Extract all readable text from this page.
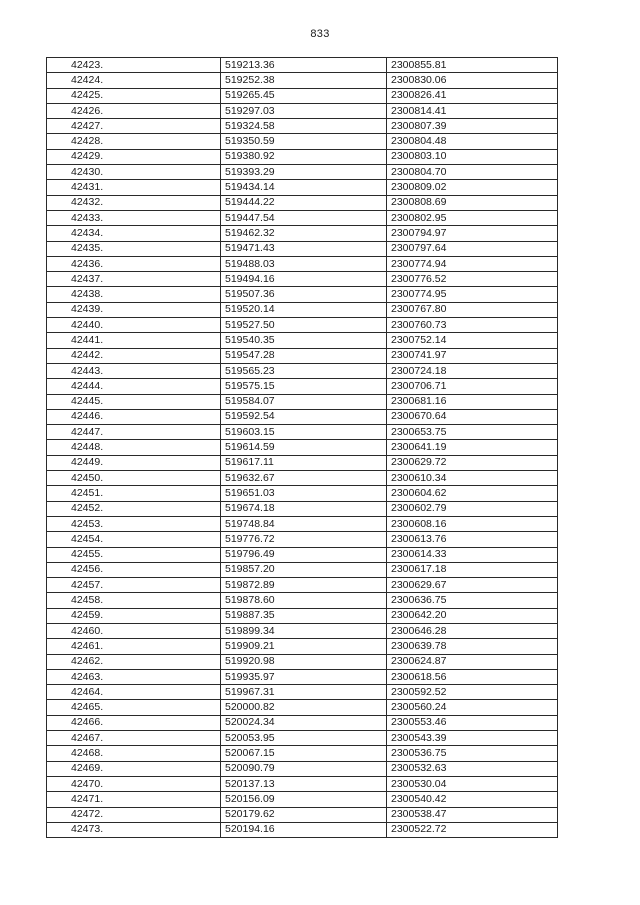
833
42423.	519213.36	2300855.81
42424.	519252.38	2300830.06
42425.	519265.45	2300826.41
42426.	519297.03	2300814.41
42427.	519324.58	2300807.39
42428.	519350.59	2300804.48
42429.	519380.92	2300803.10
42430.	519393.29	2300804.70
42431.	519434.14	2300809.02
42432.	519444.22	2300808.69
42433.	519447.54	2300802.95
42434.	519462.32	2300794.97
42435.	519471.43	2300797.64
42436.	519488.03	2300774.94
42437.	519494.16	2300776.52
42438.	519507.36	2300774.95
42439.	519520.14	2300767.80
42440.	519527.50	2300760.73
42441.	519540.35	2300752.14
42442.	519547.28	2300741.97
42443.	519565.23	2300724.18
42444.	519575.15	2300706.71
42445.	519584.07	2300681.16
42446.	519592.54	2300670.64
42447.	519603.15	2300653.75
42448.	519614.59	2300641.19
42449.	519617.11	2300629.72
42450.	519632.67	2300610.34
42451.	519651.03	2300604.62
42452.	519674.18	2300602.79
42453.	519748.84	2300608.16
42454.	519776.72	2300613.76
42455.	519796.49	2300614.33
42456.	519857.20	2300617.18
42457.	519872.89	2300629.67
42458.	519878.60	2300636.75
42459.	519887.35	2300642.20
42460.	519899.34	2300646.28
42461.	519909.21	2300639.78
42462.	519920.98	2300624.87
42463.	519935.97	2300618.56
42464.	519967.31	2300592.52
42465.	520000.82	2300560.24
42466.	520024.34	2300553.46
42467.	520053.95	2300543.39
42468.	520067.15	2300536.75
42469.	520090.79	2300532.63
42470.	520137.13	2300530.04
42471.	520156.09	2300540.42
42472.	520179.62	2300538.47
42473.	520194.16	2300522.72
